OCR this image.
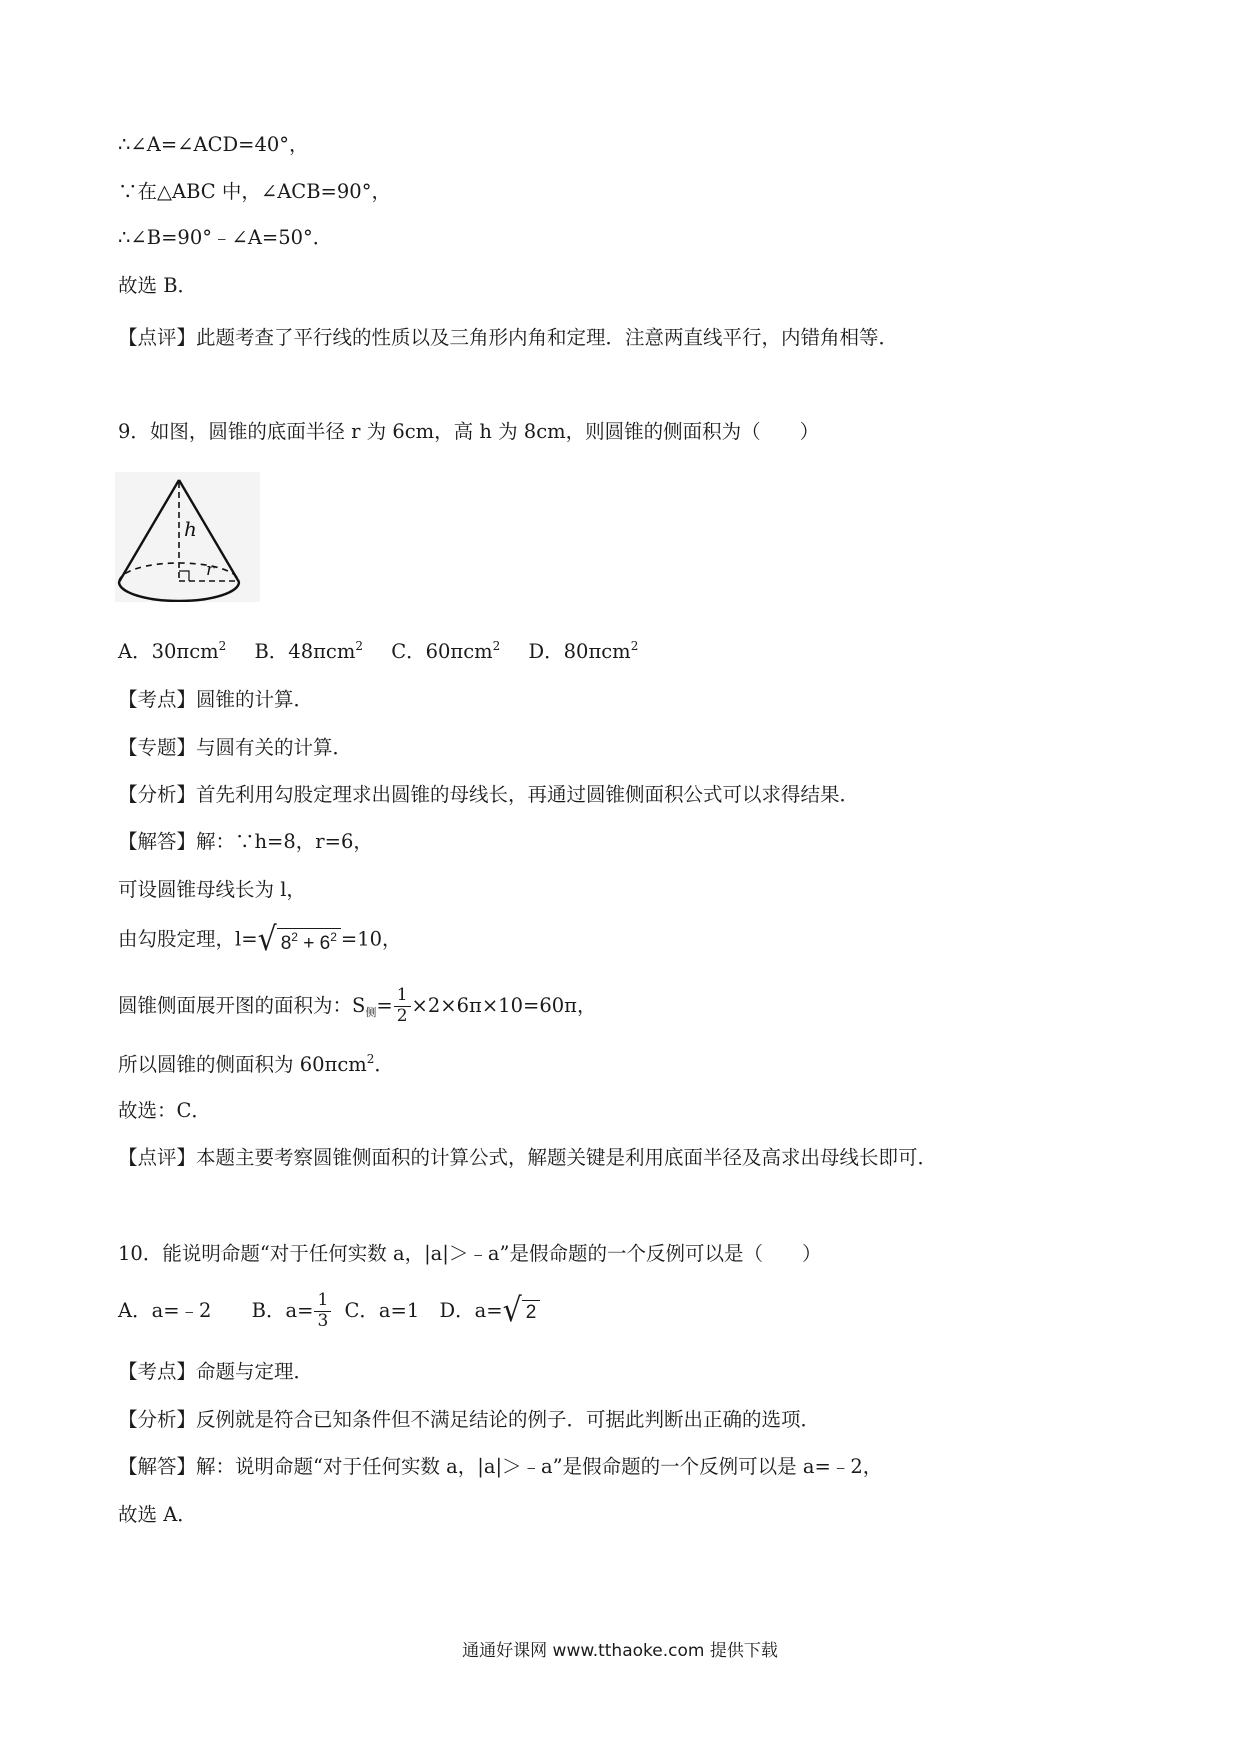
∴∠A=∠ACD=40°，
∵在△ABC 中，∠ACB=90°，
∴∠B=90°﹣∠A=50°．
故选 B．
【点评】此题考查了平行线的性质以及三角形内角和定理．注意两直线平行，内错角相等．
9．如图，圆锥的底面半径 r 为 6cm，高 h 为 8cm，则圆锥的侧面积为（　　）
h
r
A．30πcm$^2$ B．48πcm$^2$ C．60πcm$^2$ D．80πcm$^2$
【考点】圆锥的计算．
【专题】与圆有关的计算．
【分析】首先利用勾股定理求出圆锥的母线长，再通过圆锥侧面积公式可以求得结果．
【解答】解：∵h=8，r=6，
可设圆锥母线长为 l，
由勾股定理，l=√ $8^2 + 6^2 =10$，
圆锥侧面展开图的面积为：$S_侧= \frac{1}{2} \times 2\times 6\pi\times 10=60\pi$，
所以圆锥的侧面积为 60πcm$^2$．
故选：C．
【点评】本题主要考察圆锥侧面积的计算公式，解题关键是利用底面半径及高求出母线长即可．
10．能说明命题“对于任何实数 a，|a|＞﹣a”是假命题的一个反例可以是（　　）
A．a=﹣2 B．$a= \frac{1}{3}$ C．a=1 D．a=√ 2
【考点】命题与定理．
【分析】反例就是符合已知条件但不满足结论的例子．可据此判断出正确的选项．
【解答】解：说明命题“对于任何实数 a，|a|＞﹣a”是假命题的一个反例可以是 a=﹣2，
故选 A．
通通好课网 www.tthaoke.com 提供下载
